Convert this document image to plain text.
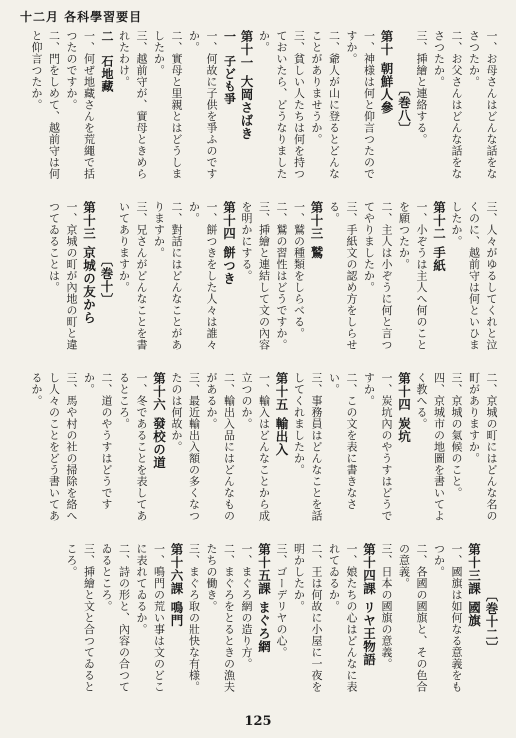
十二月 各科學習要目
一、お母さんはどんな話をなさつたか。
二、お父さんはどんな話をなさつたか。
三、挿繪と連絡する。
〔巻八〕
第十朝鮮人參
一、神様は何と仰言つたのですか。
二、爺人が山に登るとどんなことがありませうか。
三、貧しい人たちは何を持つておいたら、どうなりましたか。
第十一大岡さばき
一　子ども爭
一、何故に子供を爭ふのですか。
二、實母と里親とはどうしましたか。
三、越前守が、實母ときめられたわけ。
二　石地藏
一、何ぜ地藏さんを荒繩で括つたのですか。
二、門をしめて、越前守は何と仰言つたか。
三、人々がゆるしてくれと泣くのに、越前守は何といひましたか。
第十二手紙
一、小ぞうは主人へ何のことを願つたか。
二、主人は小ぞうに何と言つてやりましたか。
三、手紙文の認め方をしらせる。
第十三鷲
一、鷲の種類をしらべる。
二、鷲の習性はどうですか。
三、挿繪と連結して文の內容を明かにする。
第十四餅つき
一、餅つきをした人々は誰々か。
二、對話にはどんなことがありますか。
三、兄さんがどんなことを書いてありますか。
〔巻十〕
第十三京城の友から
一、京城の町が內地の町と違つてゐることは。
二、京城の町にはどんな名の町がありますか。
三、京城の氣候のこと。
四、京城市の地圖を書いてよく教へる。
第十四炭坑
一、炭坑內のやうすはどうですか。
二、この文を表に書きなさい。
三、事務員はどんなことを話してくれましたか。
第十五輸出入
一、輸入はどんなことから成立つのか。
二、輸出入品にはどんなものがあるか。
三、最近輸出入額の多くなつたのは何故か。
第十六發校の道
一、冬であることを表してあるところ。
二、道のやうすはどうですか。
三、馬や村の社の掃除を絡へし人々のことをどう書いてあるか。
〔巻十二〕
第十三課國旗
一、國旗は如何なる意義をもつか。
二、各國の國旗と、その色合の意義。
三、日本の國旗の意義。
第十四課リヤ王物語
一、娘たちの心はどんなに表れてゐるか。
二、王は何故に小屋に一夜を明かしたか。
三、ゴーデリヤの心。
第十五課まぐろ網
一、まぐろ網の造り方。
二、まぐろをとるときの漁夫たちの働き。
三、まぐろ取の壯快な有様。
第十六課鳴門
一、鳴門の荒い事は文のどこに表れてゐるか。
二、詩の形と、內容の合つてゐるところ。
三、挿繪と文と合つてゐるところ。
125
